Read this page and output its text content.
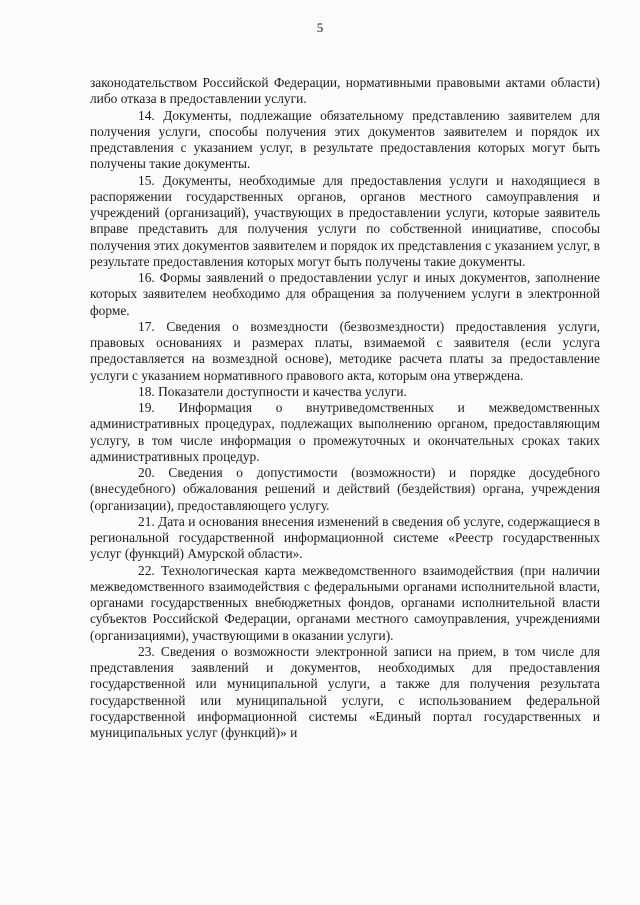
5

законодательством Российской Федерации, нормативными правовыми актами области) либо отказа в предоставлении услуги.

14. Документы, подлежащие обязательному представлению заявителем для получения услуги, способы получения этих документов заявителем и порядок их представления с указанием услуг, в результате предоставления которых могут быть получены такие документы.

15. Документы, необходимые для предоставления услуги и находящиеся в распоряжении государственных органов, органов местного самоуправления и учреждений (организаций), участвующих в предоставлении услуги, которые заявитель вправе представить для получения услуги по собственной инициативе, способы получения этих документов заявителем и порядок их представления с указанием услуг, в результате предоставления которых могут быть получены такие документы.

16. Формы заявлений о предоставлении услуг и иных документов, заполнение которых заявителем необходимо для обращения за получением услуги в электронной форме.

17. Сведения о возмездности (безвозмездности) предоставления услуги, правовых основаниях и размерах платы, взимаемой с заявителя (если услуга предоставляется на возмездной основе), методике расчета платы за предоставление услуги с указанием нормативного правового акта, которым она утверждена.

18. Показатели доступности и качества услуги.

19. Информация о внутриведомственных и межведомственных административных процедурах, подлежащих выполнению органом, предоставляющим услугу, в том числе информация о промежуточных и окончательных сроках таких административных процедур.

20. Сведения о допустимости (возможности) и порядке досудебного (внесудебного) обжалования решений и действий (бездействия) органа, учреждения (организации), предоставляющего услугу.

21. Дата и основания внесения изменений в сведения об услуге, содержащиеся в региональной государственной информационной системе «Реестр государственных услуг (функций) Амурской области».

22. Технологическая карта межведомственного взаимодействия (при наличии межведомственного взаимодействия с федеральными органами исполнительной власти, органами государственных внебюджетных фондов, органами исполнительной власти субъектов Российской Федерации, органами местного самоуправления, учреждениями (организациями), участвующими в оказании услуги).

23. Сведения о возможности электронной записи на прием, в том числе для представления заявлений и документов, необходимых для предоставления государственной или муниципальной услуги, а также для получения результата государственной или муниципальной услуги, с использованием федеральной государственной информационной системы «Единый портал государственных и муниципальных услуг (функций)» и
